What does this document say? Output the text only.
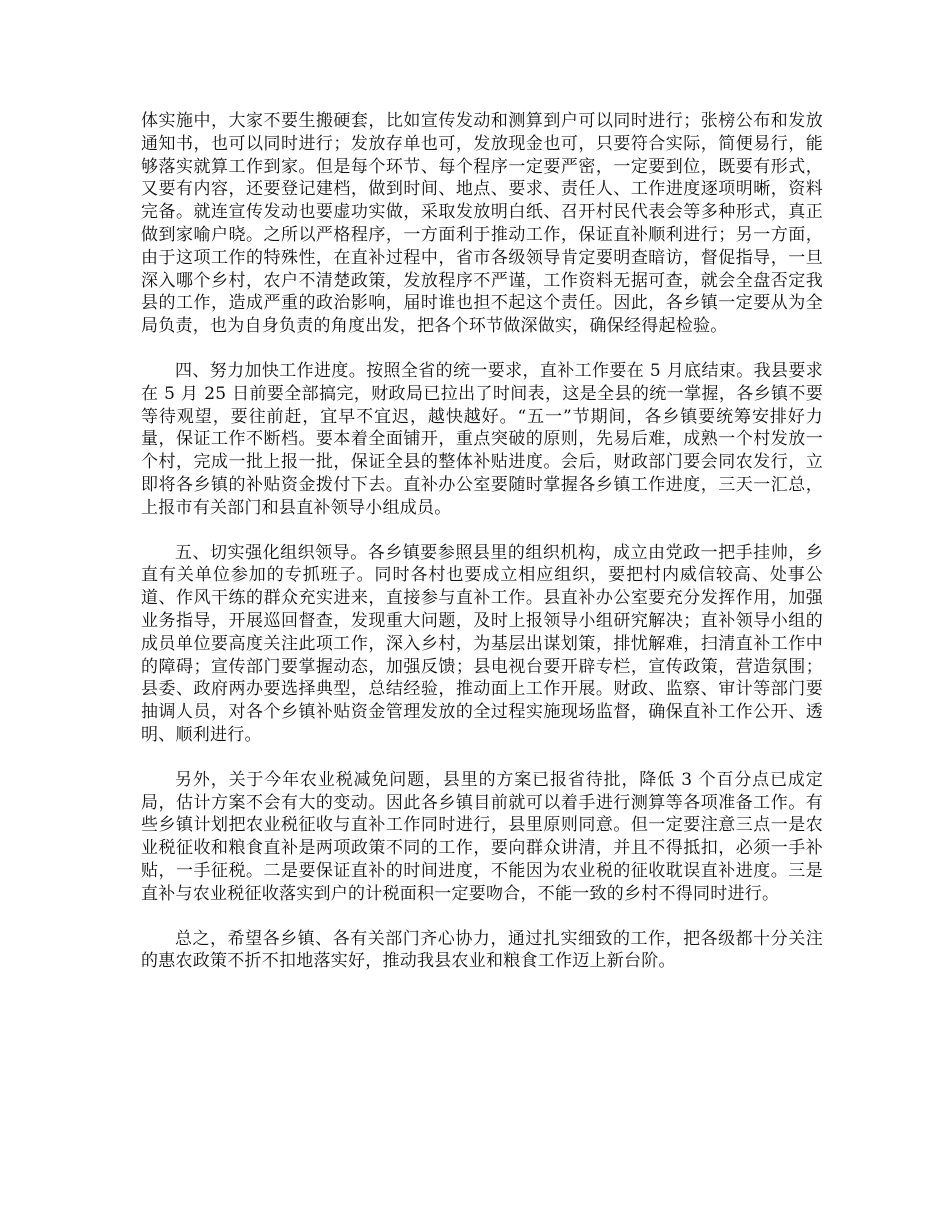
体实施中，大家不要生搬硬套，比如宣传发动和测算到户可以同时进行；张榜公布和发放通知书，也可以同时进行；发放存单也可，发放现金也可，只要符合实际，简便易行，能够落实就算工作到家。但是每个环节、每个程序一定要严密，一定要到位，既要有形式，又要有内容，还要登记建档，做到时间、地点、要求、责任人、工作进度逐项明晰，资料完备。就连宣传发动也要虚功实做，采取发放明白纸、召开村民代表会等多种形式，真正做到家喻户晓。之所以严格程序，一方面利于推动工作，保证直补顺利进行；另一方面，由于这项工作的特殊性，在直补过程中，省市各级领导肯定要明查暗访，督促指导，一旦深入哪个乡村，农户不清楚政策，发放程序不严谨，工作资料无据可查，就会全盘否定我县的工作，造成严重的政治影响，届时谁也担不起这个责任。因此，各乡镇一定要从为全局负责，也为自身负责的角度出发，把各个环节做深做实，确保经得起检验。

四、努力加快工作进度。按照全省的统一要求，直补工作要在 5 月底结束。我县要求在 5 月 25 日前要全部搞完，财政局已拉出了时间表，这是全县的统一掌握，各乡镇不要等待观望，要往前赶，宜早不宜迟，越快越好。“五一”节期间，各乡镇要统筹安排好力量，保证工作不断档。要本着全面铺开，重点突破的原则，先易后难，成熟一个村发放一个村，完成一批上报一批，保证全县的整体补贴进度。会后，财政部门要会同农发行，立即将各乡镇的补贴资金拨付下去。直补办公室要随时掌握各乡镇工作进度，三天一汇总，上报市有关部门和县直补领导小组成员。

五、切实强化组织领导。各乡镇要参照县里的组织机构，成立由党政一把手挂帅，乡直有关单位参加的专抓班子。同时各村也要成立相应组织，要把村内威信较高、处事公道、作风干练的群众充实进来，直接参与直补工作。县直补办公室要充分发挥作用，加强业务指导，开展巡回督查，发现重大问题，及时上报领导小组研究解决；直补领导小组的成员单位要高度关注此项工作，深入乡村，为基层出谋划策，排忧解难，扫清直补工作中的障碍；宣传部门要掌握动态，加强反馈；县电视台要开辟专栏，宣传政策，营造氛围；县委、政府两办要选择典型，总结经验，推动面上工作开展。财政、监察、审计等部门要抽调人员，对各个乡镇补贴资金管理发放的全过程实施现场监督，确保直补工作公开、透明、顺利进行。

另外，关于今年农业税减免问题，县里的方案已报省待批，降低 3 个百分点已成定局，估计方案不会有大的变动。因此各乡镇目前就可以着手进行测算等各项准备工作。有些乡镇计划把农业税征收与直补工作同时进行，县里原则同意。但一定要注意三点一是农业税征收和粮食直补是两项政策不同的工作，要向群众讲清，并且不得抵扣，必须一手补贴，一手征税。二是要保证直补的时间进度，不能因为农业税的征收耽误直补进度。三是直补与农业税征收落实到户的计税面积一定要吻合，不能一致的乡村不得同时进行。

总之，希望各乡镇、各有关部门齐心协力，通过扎实细致的工作，把各级都十分关注的惠农政策不折不扣地落实好，推动我县农业和粮食工作迈上新台阶。
